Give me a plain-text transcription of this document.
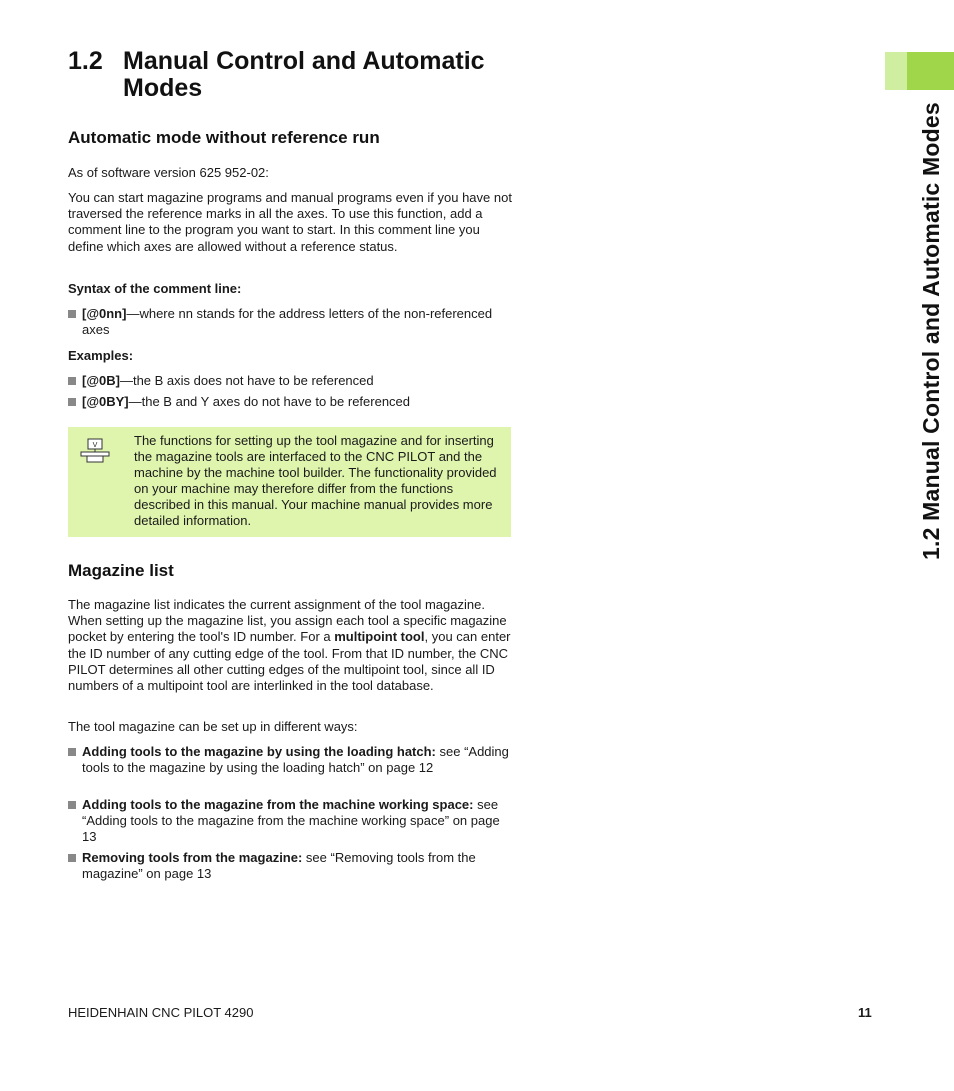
1.2 Manual Control and Automatic Modes
1.2 Manual Control and Automatic Modes
Automatic mode without reference run

As of software version 625 952-02:

You can start magazine programs and manual programs even if you have not traversed the reference marks in all the axes. To use this function, add a comment line to the program you want to start. In this comment line you define which axes are allowed without a reference status.

Syntax of the comment line:

[@0nn]—where nn stands for the address letters of the non-referenced axes

Examples:

[@0B]—the B axis does not have to be referenced
[@0BY]—the B and Y axes do not have to be referenced
V	The functions for setting up the tool magazine and for inserting the magazine tools are interfaced to the CNC PILOT and the machine by the machine tool builder. The functionality provided on your machine may therefore differ from the functions described in this manual. Your machine manual provides more detailed information.

Magazine list

The magazine list indicates the current assignment of the tool magazine. When setting up the magazine list, you assign each tool a specific magazine pocket by entering the tool's ID number. For a multipoint tool, you can enter the ID number of any cutting edge of the tool. From that ID number, the CNC PILOT determines all other cutting edges of the multipoint tool, since all ID numbers of a multipoint tool are interlinked in the tool database.

The tool magazine can be set up in different ways:

Adding tools to the magazine by using the loading hatch: see “Adding tools to the magazine by using the loading hatch” on page 12
Adding tools to the magazine from the machine working space: see “Adding tools to the magazine from the machine working space” on page 13
Removing tools from the magazine: see “Removing tools from the magazine” on page 13
HEIDENHAIN CNC PILOT 4290	11
